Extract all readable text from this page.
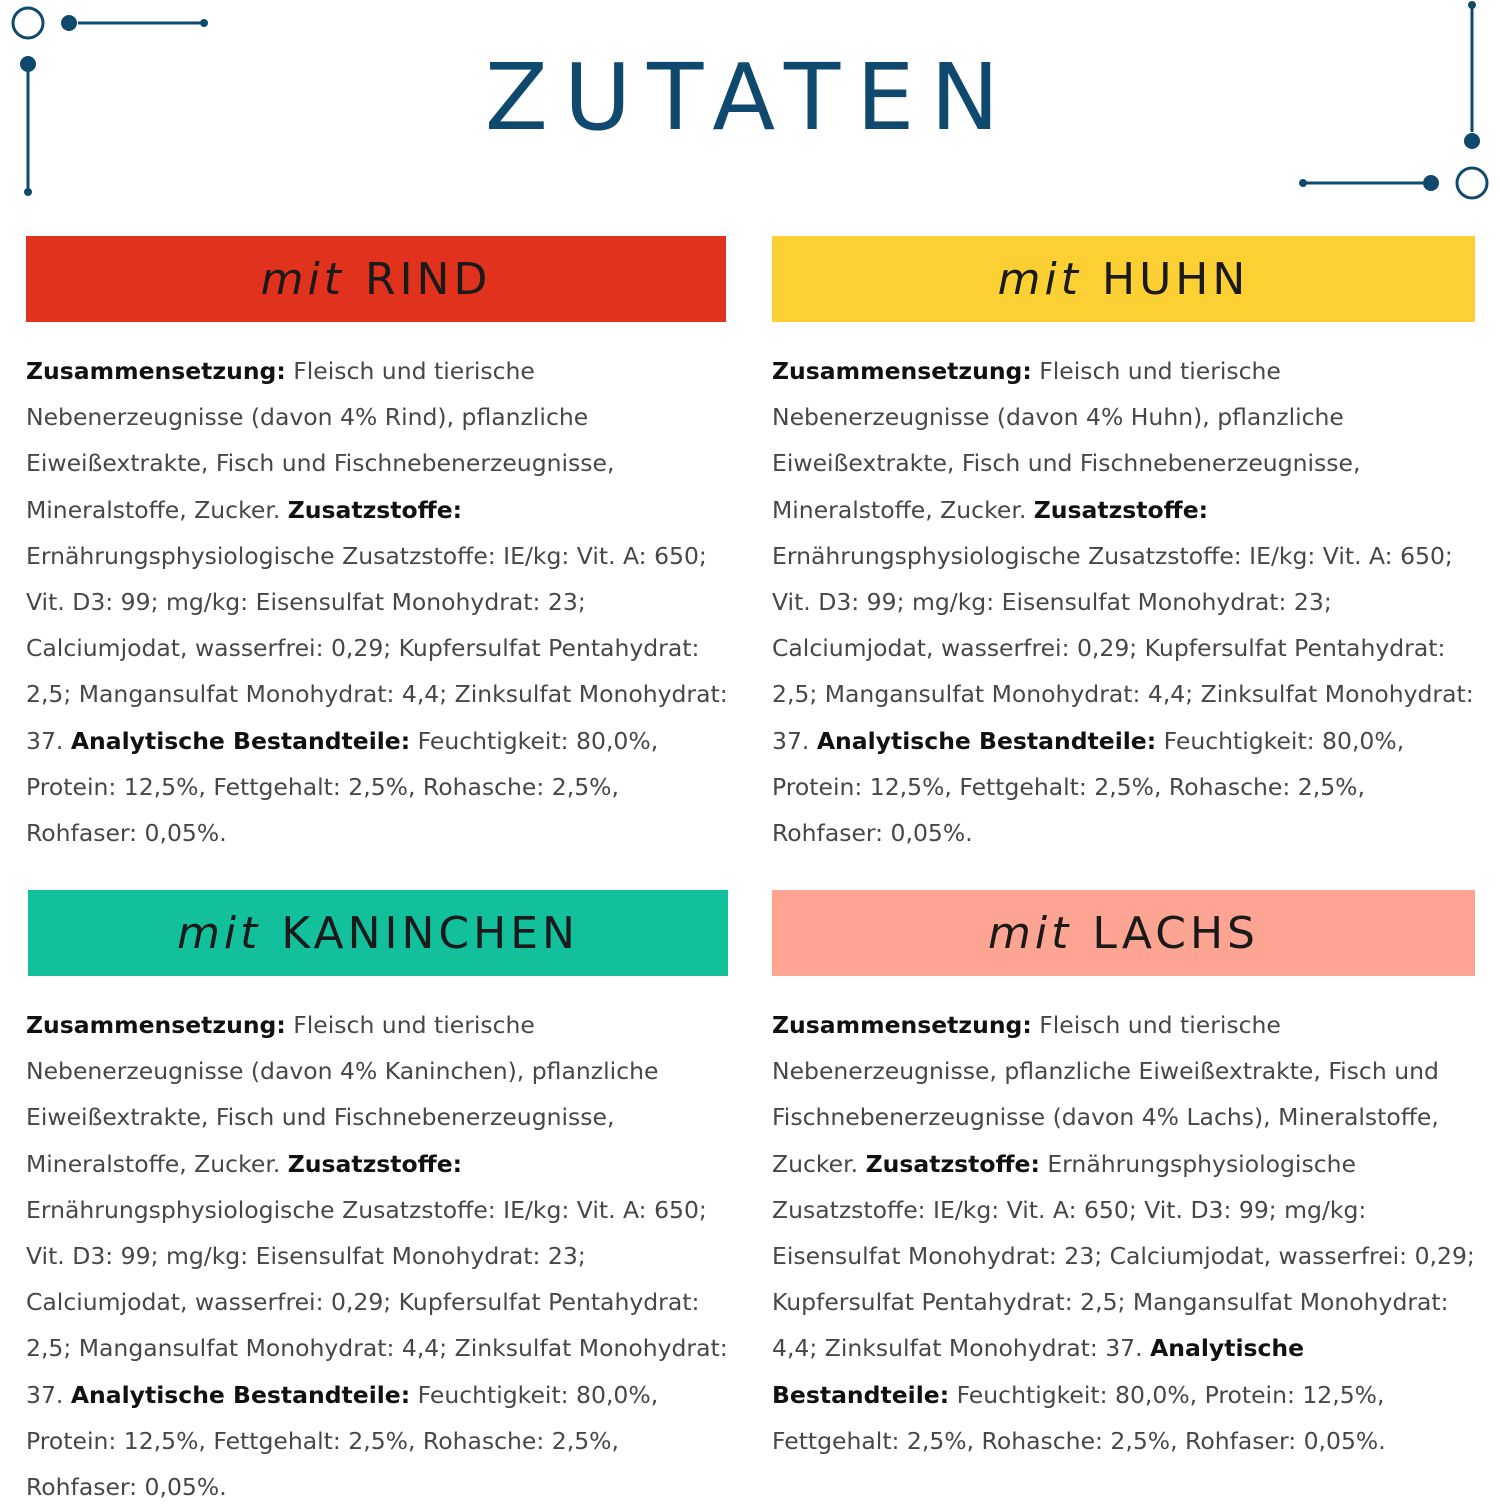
ZUTATEN
mit RIND
Zusammensetzung: Fleisch und tierische Nebenerzeugnisse (davon 4% Rind), pflanzliche Eiweißextrakte, Fisch und Fischnebenerzeugnisse, Mineralstoffe, Zucker. Zusatzstoffe: Ernährungsphysiologische Zusatzstoffe: IE/kg: Vit. A: 650; Vit. D3: 99; mg/kg: Eisensulfat Monohydrat: 23; Calciumjodat, wasserfrei: 0,29; Kupfersulfat Pentahydrat: 2,5; Mangansulfat Monohydrat: 4,4; Zinksulfat Monohydrat: 37. Analytische Bestandteile: Feuchtigkeit: 80,0%, Protein: 12,5%, Fettgehalt: 2,5%, Rohasche: 2,5%, Rohfaser: 0,05%.
mit HUHN
Zusammensetzung: Fleisch und tierische Nebenerzeugnisse (davon 4% Huhn), pflanzliche Eiweißextrakte, Fisch und Fischnebenerzeugnisse, Mineralstoffe, Zucker. Zusatzstoffe: Ernährungsphysiologische Zusatzstoffe: IE/kg: Vit. A: 650; Vit. D3: 99; mg/kg: Eisensulfat Monohydrat: 23; Calciumjodat, wasserfrei: 0,29; Kupfersulfat Pentahydrat: 2,5; Mangansulfat Monohydrat: 4,4; Zinksulfat Monohydrat: 37. Analytische Bestandteile: Feuchtigkeit: 80,0%, Protein: 12,5%, Fettgehalt: 2,5%, Rohasche: 2,5%, Rohfaser: 0,05%.
mit KANINCHEN
Zusammensetzung: Fleisch und tierische Nebenerzeugnisse (davon 4% Kaninchen), pflanzliche Eiweißextrakte, Fisch und Fischnebenerzeugnisse, Mineralstoffe, Zucker. Zusatzstoffe: Ernährungsphysiologische Zusatzstoffe: IE/kg: Vit. A: 650; Vit. D3: 99; mg/kg: Eisensulfat Monohydrat: 23; Calciumjodat, wasserfrei: 0,29; Kupfersulfat Pentahydrat: 2,5; Mangansulfat Monohydrat: 4,4; Zinksulfat Monohydrat: 37. Analytische Bestandteile: Feuchtigkeit: 80,0%, Protein: 12,5%, Fettgehalt: 2,5%, Rohasche: 2,5%, Rohfaser: 0,05%.
mit LACHS
Zusammensetzung: Fleisch und tierische Nebenerzeugnisse, pflanzliche Eiweißextrakte, Fisch und Fischnebenerzeugnisse (davon 4% Lachs), Mineralstoffe, Zucker. Zusatzstoffe: Ernährungsphysiologische Zusatzstoffe: IE/kg: Vit. A: 650; Vit. D3: 99; mg/kg: Eisensulfat Monohydrat: 23; Calciumjodat, wasserfrei: 0,29; Kupfersulfat Pentahydrat: 2,5; Mangansulfat Monohydrat: 4,4; Zinksulfat Monohydrat: 37. Analytische Bestandteile: Feuchtigkeit: 80,0%, Protein: 12,5%, Fettgehalt: 2,5%, Rohasche: 2,5%, Rohfaser: 0,05%.
